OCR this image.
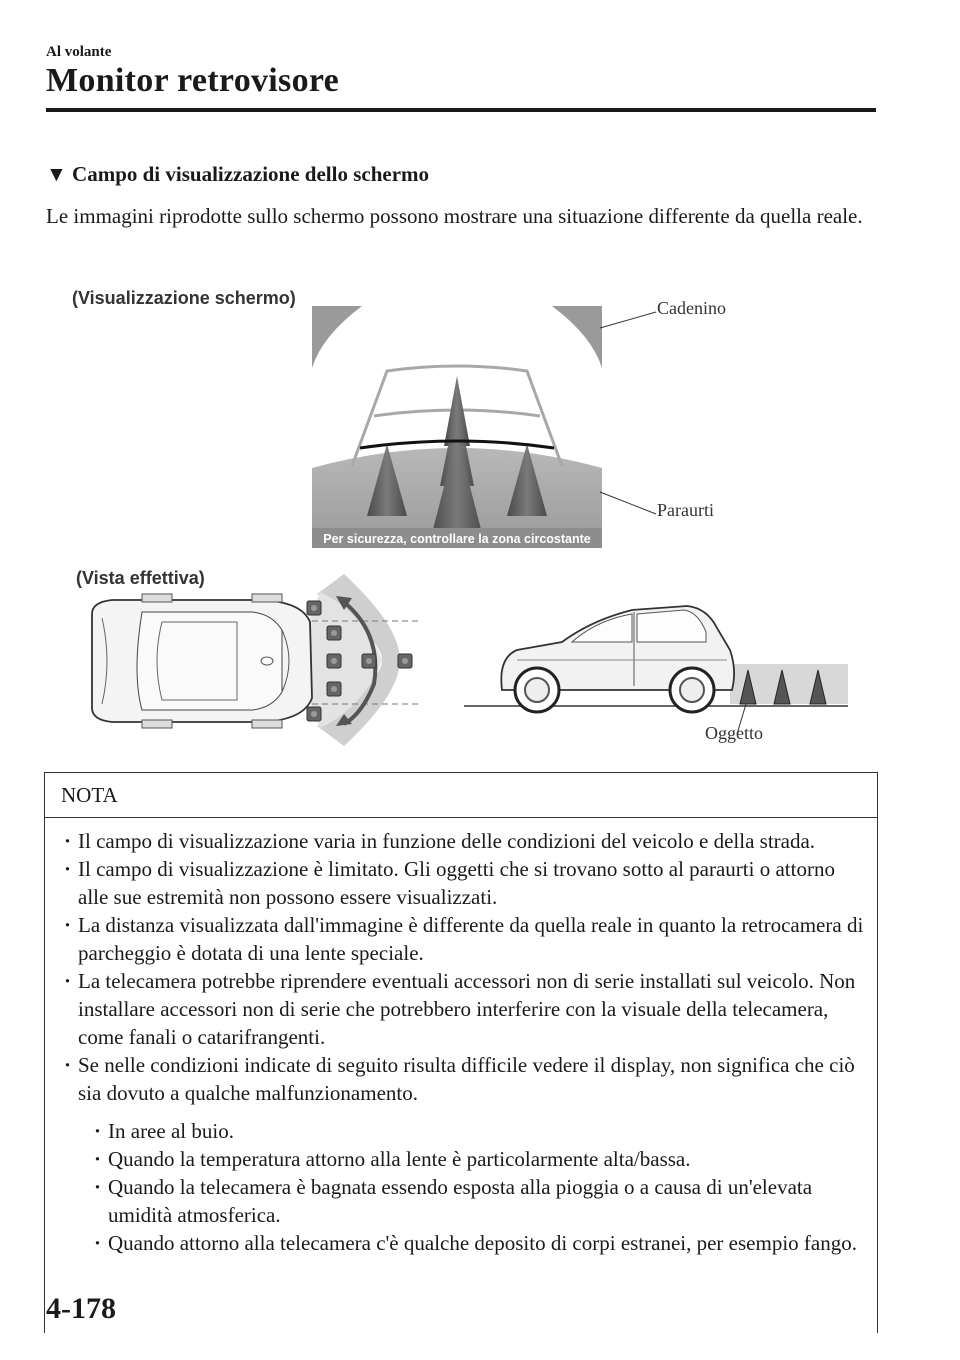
Al volante
Monitor retrovisore
▼ Campo di visualizzazione dello schermo
Le immagini riprodotte sullo schermo possono mostrare una situazione differente da quella reale.
(Visualizzazione schermo)
Per sicurezza, controllare la zona circostante
Cadenino
Paraurti
(Vista effettiva)
Oggetto
NOTA
· Il campo di visualizzazione varia in funzione delle condizioni del veicolo e della strada.
· Il campo di visualizzazione è limitato. Gli oggetti che si trovano sotto al paraurti o attorno alle sue estremità non possono essere visualizzati.
· La distanza visualizzata dall'immagine è differente da quella reale in quanto la retrocamera di parcheggio è dotata di una lente speciale.
· La telecamera potrebbe riprendere eventuali accessori non di serie installati sul veicolo. Non installare accessori non di serie che potrebbero interferire con la visuale della telecamera, come fanali o catarifrangenti.
· Se nelle condizioni indicate di seguito risulta difficile vedere il display, non significa che ciò sia dovuto a qualche malfunzionamento.
· In aree al buio.
· Quando la temperatura attorno alla lente è particolarmente alta/bassa.
· Quando la telecamera è bagnata essendo esposta alla pioggia o a causa di un'elevata umidità atmosferica.
· Quando attorno alla telecamera c'è qualche deposito di corpi estranei, per esempio fango.
4-178
